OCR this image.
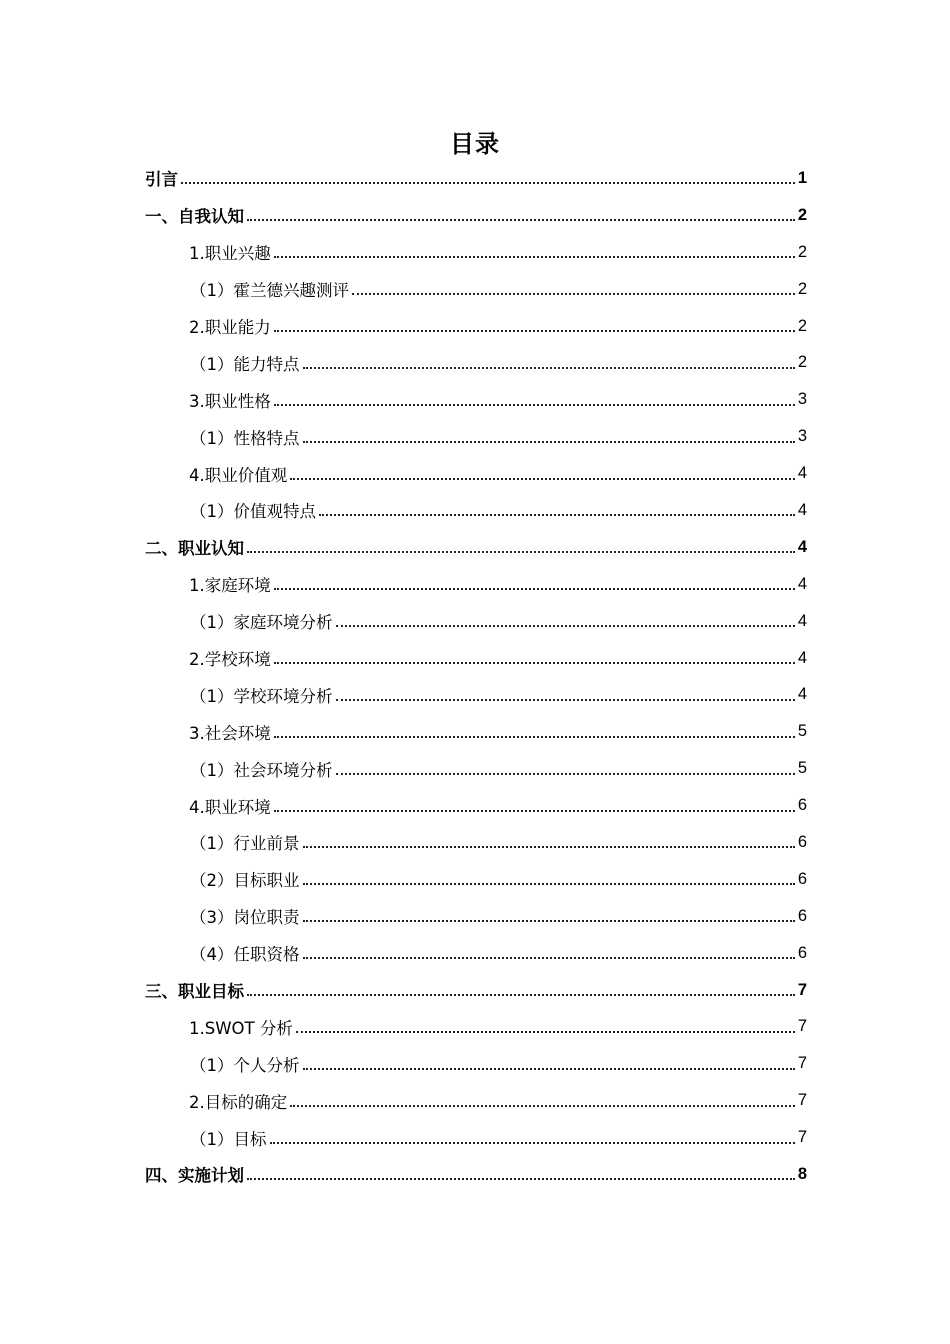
目录
引言	1
一、自我认知	2
1.职业兴趣	2
（1）霍兰德兴趣测评	2
2.职业能力	2
（1）能力特点	2
3.职业性格	3
（1）性格特点	3
4.职业价值观	4
（1）价值观特点	4
二、职业认知	4
1.家庭环境	4
（1）家庭环境分析	4
2.学校环境	4
（1）学校环境分析	4
3.社会环境	5
（1）社会环境分析	5
4.职业环境	6
（1）行业前景	6
（2）目标职业	6
（3）岗位职责	6
（4）任职资格	6
三、职业目标	7
1.SWOT 分析	7
（1）个人分析	7
2.目标的确定	7
（1）目标	7
四、实施计划	8
